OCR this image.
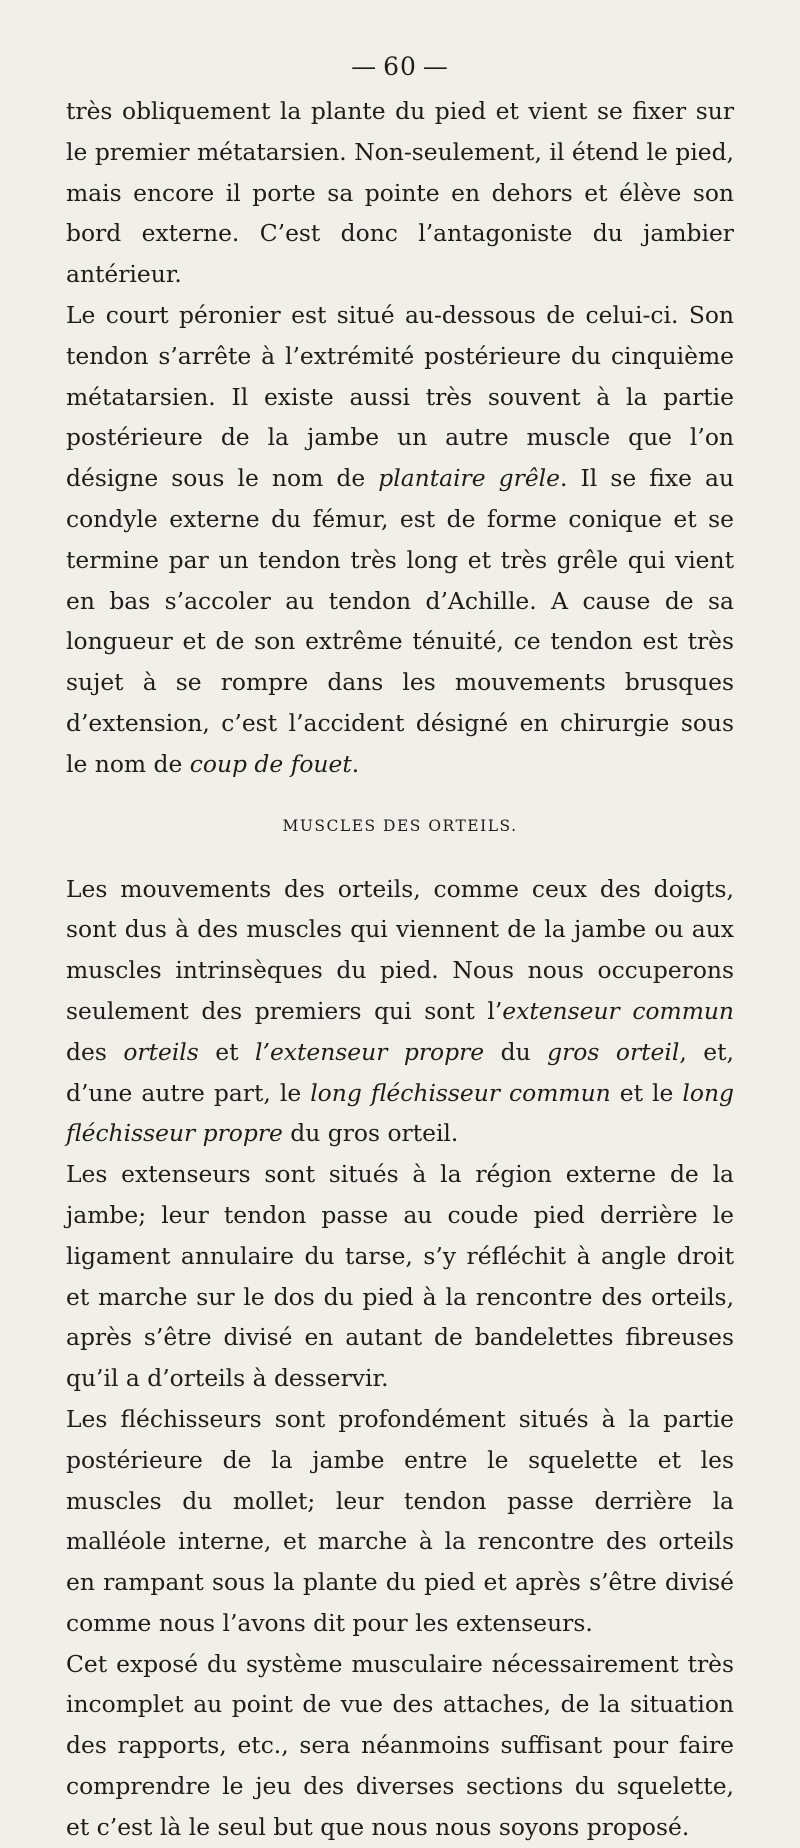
— 60 —

très obliquement la plante du pied et vient se fixer sur le premier métatarsien. Non-seulement, il étend le pied, mais encore il porte sa pointe en dehors et élève son bord externe. C’est donc l’antagoniste du jambier antérieur.

Le court péronier est situé au-dessous de celui-ci. Son tendon s’arrête à l’extrémité postérieure du cinquième métatarsien. Il existe aussi très souvent à la partie postérieure de la jambe un autre muscle que l’on désigne sous le nom de plantaire grêle. Il se fixe au condyle externe du fémur, est de forme conique et se termine par un tendon très long et très grêle qui vient en bas s’accoler au tendon d’Achille. A cause de sa longueur et de son extrême ténuité, ce tendon est très sujet à se rompre dans les mouvements brusques d’extension, c’est l’accident désigné en chirurgie sous le nom de coup de fouet.

MUSCLES DES ORTEILS.

Les mouvements des orteils, comme ceux des doigts, sont dus à des muscles qui viennent de la jambe ou aux muscles intrinsèques du pied. Nous nous occuperons seulement des premiers qui sont l’extenseur commun des orteils et l’extenseur propre du gros orteil, et, d’une autre part, le long fléchisseur commun et le long fléchisseur propre du gros orteil.

Les extenseurs sont situés à la région externe de la jambe; leur tendon passe au coude pied derrière le ligament annulaire du tarse, s’y réfléchit à angle droit et marche sur le dos du pied à la rencontre des orteils, après s’être divisé en autant de bandelettes fibreuses qu’il a d’orteils à desservir.

Les fléchisseurs sont profondément situés à la partie postérieure de la jambe entre le squelette et les muscles du mollet; leur tendon passe derrière la malléole interne, et marche à la rencontre des orteils en rampant sous la plante du pied et après s’être divisé comme nous l’avons dit pour les extenseurs.

Cet exposé du système musculaire nécessairement très incomplet au point de vue des attaches, de la situation des rapports, etc., sera néanmoins suffisant pour faire comprendre le jeu des diverses sections du squelette, et c’est là le seul but que nous nous soyons proposé.
